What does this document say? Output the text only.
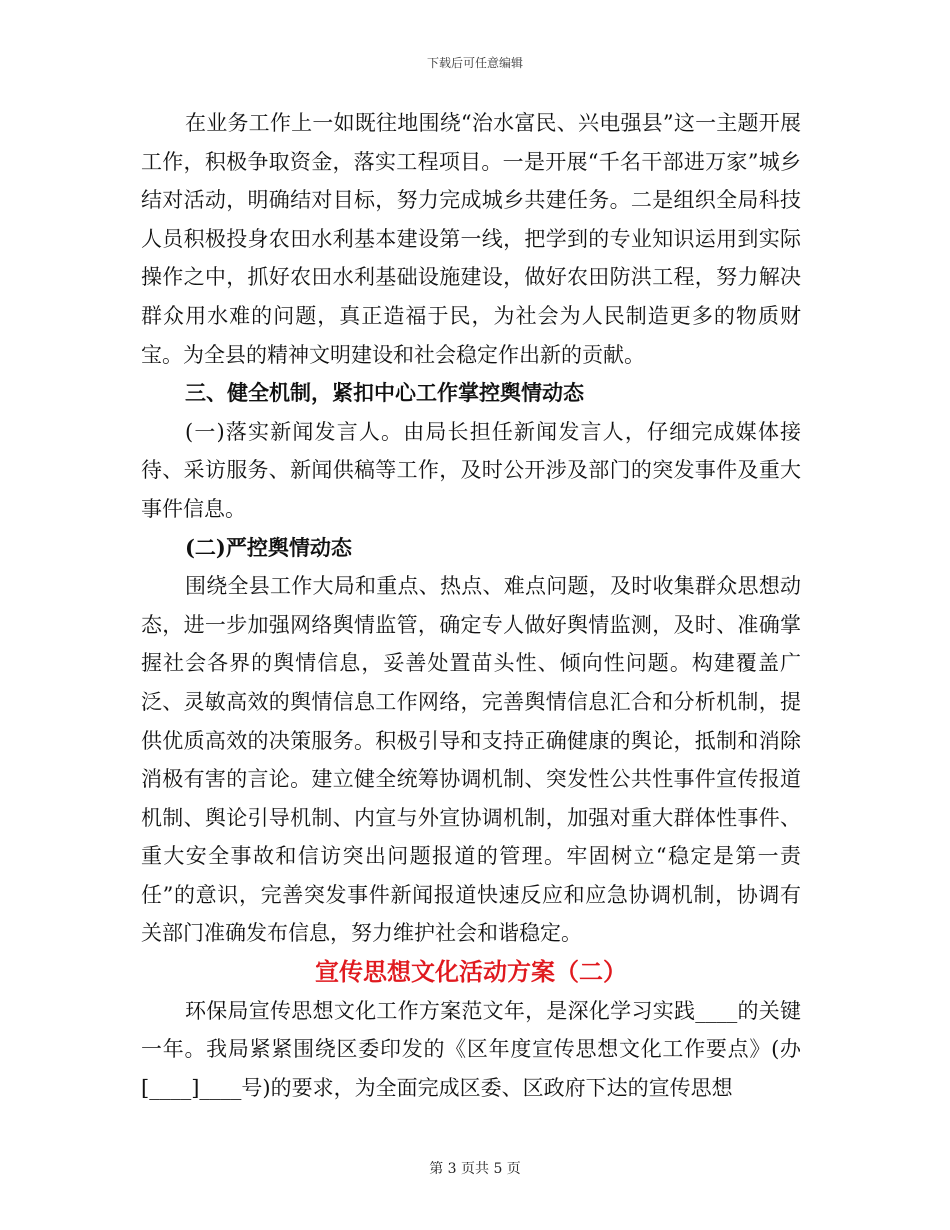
下载后可任意编辑

在业务工作上一如既往地围绕“治水富民、兴电强县”这一主题开展工作，积极争取资金，落实工程项目。一是开展“千名干部进万家”城乡结对活动，明确结对目标，努力完成城乡共建任务。二是组织全局科技人员积极投身农田水利基本建设第一线，把学到的专业知识运用到实际操作之中，抓好农田水利基础设施建设，做好农田防洪工程，努力解决群众用水难的问题，真正造福于民，为社会为人民制造更多的物质财宝。为全县的精神文明建设和社会稳定作出新的贡献。

三、健全机制，紧扣中心工作掌控舆情动态

(一)落实新闻发言人。由局长担任新闻发言人，仔细完成媒体接待、采访服务、新闻供稿等工作，及时公开涉及部门的突发事件及重大事件信息。

(二)严控舆情动态

围绕全县工作大局和重点、热点、难点问题，及时收集群众思想动态，进一步加强网络舆情监管，确定专人做好舆情监测，及时、准确掌握社会各界的舆情信息，妥善处置苗头性、倾向性问题。构建覆盖广泛、灵敏高效的舆情信息工作网络，完善舆情信息汇合和分析机制，提供优质高效的决策服务。积极引导和支持正确健康的舆论，抵制和消除消极有害的言论。建立健全统筹协调机制、突发性公共性事件宣传报道机制、舆论引导机制、内宣与外宣协调机制，加强对重大群体性事件、重大安全事故和信访突出问题报道的管理。牢固树立“稳定是第一责任”的意识，完善突发事件新闻报道快速反应和应急协调机制，协调有关部门准确发布信息，努力维护社会和谐稳定。

宣传思想文化活动方案（二）

环保局宣传思想文化工作方案范文年，是深化学习实践____的关键一年。我局紧紧围绕区委印发的《区年度宣传思想文化工作要点》(办[____]____号)的要求，为全面完成区委、区政府下达的宣传思想

第 3 页共 5 页
